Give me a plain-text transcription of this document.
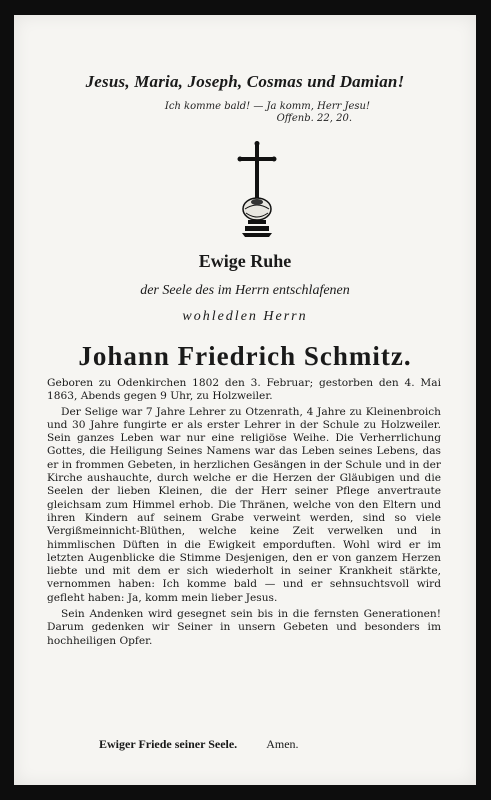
Jesus, Maria, Joseph, Cosmas und Damian!
Ich komme bald! — Ja komm, Herr Jesu!
Offenb. 22, 20.
Ewige Ruhe
der Seele des im Herrn entschlafenen
wohledlen Herrn
Johann Friedrich Schmitz.

Geboren zu Odenkirchen 1802 den 3. Februar; gestorben den 4. Mai 1863, Abends gegen 9 Uhr, zu Holzweiler.

Der Selige war 7 Jahre Lehrer zu Otzenrath, 4 Jahre zu Kleinenbroich und 30 Jahre fungirte er als erster Lehrer in der Schule zu Holzweiler. Sein ganzes Leben war nur eine religiöse Weihe. Die Verherrlichung Gottes, die Heiligung Seines Namens war das Leben seines Lebens, das er in frommen Gebeten, in herzlichen Gesängen in der Schule und in der Kirche aushauchte, durch welche er die Herzen der Gläubigen und die Seelen der lieben Kleinen, die der Herr seiner Pflege anvertraute gleichsam zum Himmel erhob. Die Thränen, welche von den Eltern und ihren Kindern auf seinem Grabe verweint werden, sind so viele Vergißmeinnicht-Blüthen, welche keine Zeit verwelken und in himmlischen Düften in die Ewigkeit emporduften. Wohl wird er im letzten Augenblicke die Stimme Desjenigen, den er von ganzem Herzen liebte und mit dem er sich wiederholt in seiner Krankheit stärkte, vernommen haben: Ich komme bald — und er sehnsuchtsvoll wird gefleht haben: Ja, komm mein lieber Jesus.

Sein Andenken wird gesegnet sein bis in die fernsten Generationen! Darum gedenken wir Seiner in unsern Gebeten und besonders im hochheiligen Opfer.

Ewiger Friede seiner Seele. Amen.
